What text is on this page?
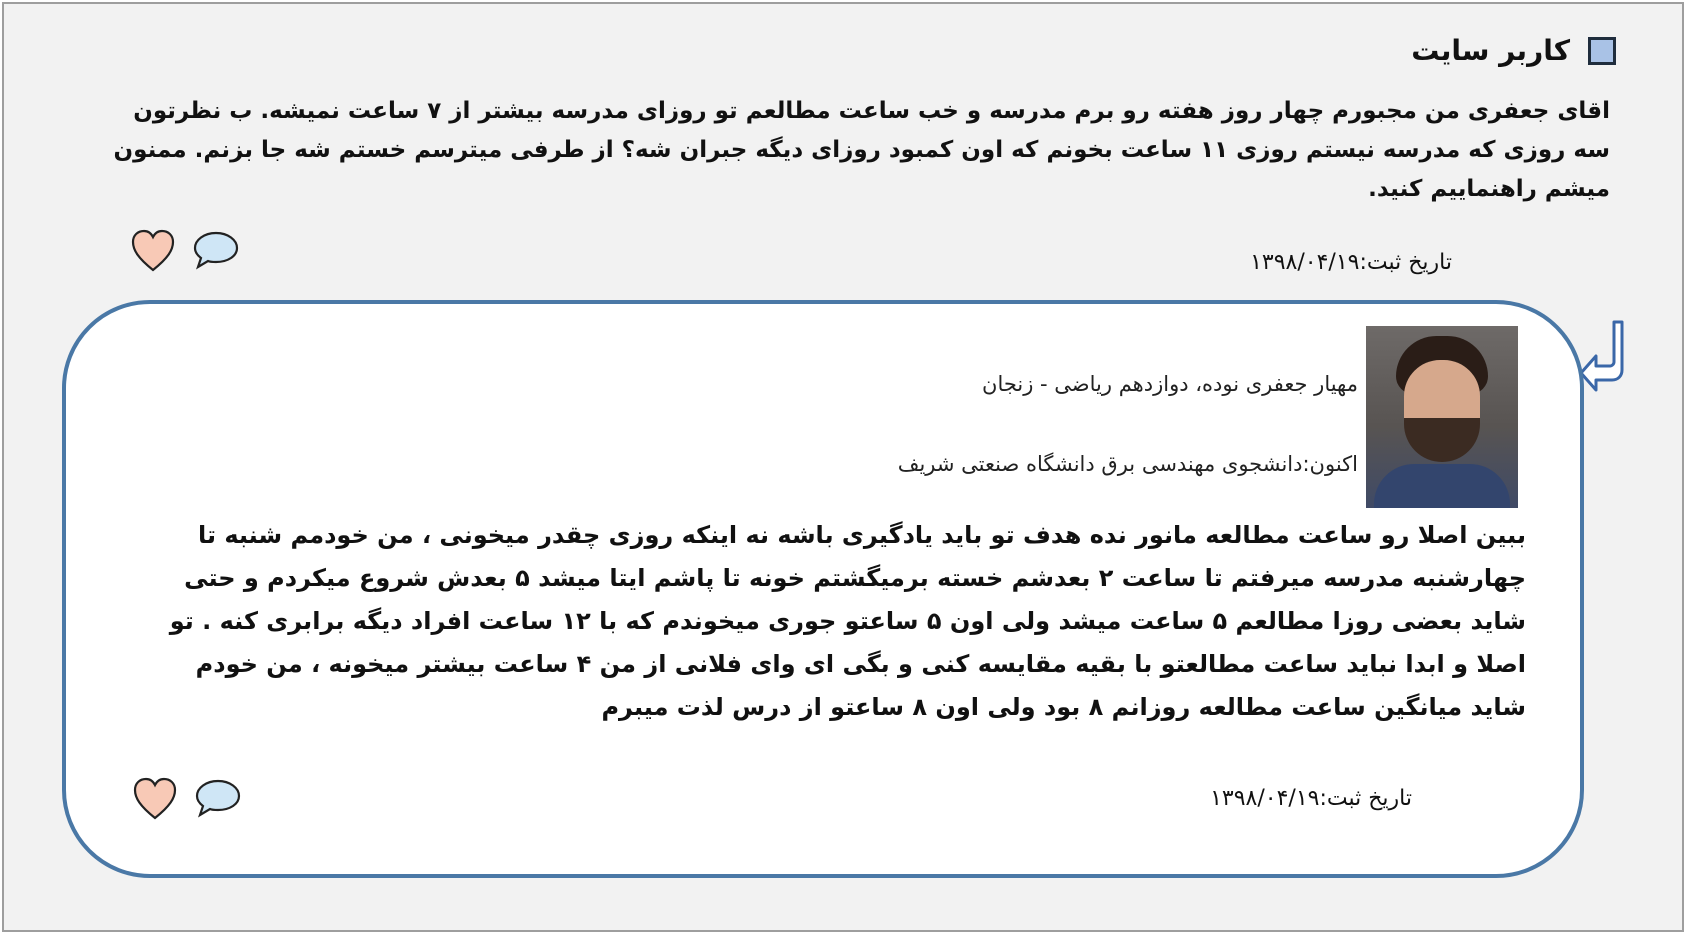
کاربر سایت
اقای جعفری من مجبورم چهار روز هفته رو برم مدرسه و خب ساعت مطالعم تو روزای مدرسه بیشتر از ۷ ساعت نمیشه. ب نظرتون سه روزی که مدرسه نیستم روزی ۱۱ ساعت بخونم که اون کمبود روزای دیگه جبران شه؟ از طرفی میترسم خستم شه جا بزنم. ممنون میشم راهنماییم کنید.
تاریخ ثبت:۱۳۹۸/۰۴/۱۹
مهیار جعفری نوده، دوازدهم ریاضی - زنجان
اکنون:دانشجوی مهندسی برق دانشگاه صنعتی شریف
ببین اصلا رو ساعت مطالعه مانور نده هدف تو باید یادگیری باشه نه اینکه روزی چقدر میخونی ، من خودمم شنبه تا چهارشنبه مدرسه میرفتم تا ساعت ۲ بعدشم خسته برمیگشتم خونه تا پاشم ایتا میشد ۵ بعدش شروع میکردم و حتی شاید بعضی روزا مطالعم ۵ ساعت میشد ولی اون ۵ ساعتو جوری میخوندم که با ۱۲ ساعت افراد دیگه برابری کنه . تو اصلا و ابدا نباید ساعت مطالعتو با بقیه مقایسه کنی و بگی ای وای فلانی از من ۴ ساعت بیشتر میخونه ، من خودم شاید میانگین ساعت مطالعه روزانم ۸ بود ولی اون ۸ ساعتو از درس لذت میبرم
تاریخ ثبت:۱۳۹۸/۰۴/۱۹
